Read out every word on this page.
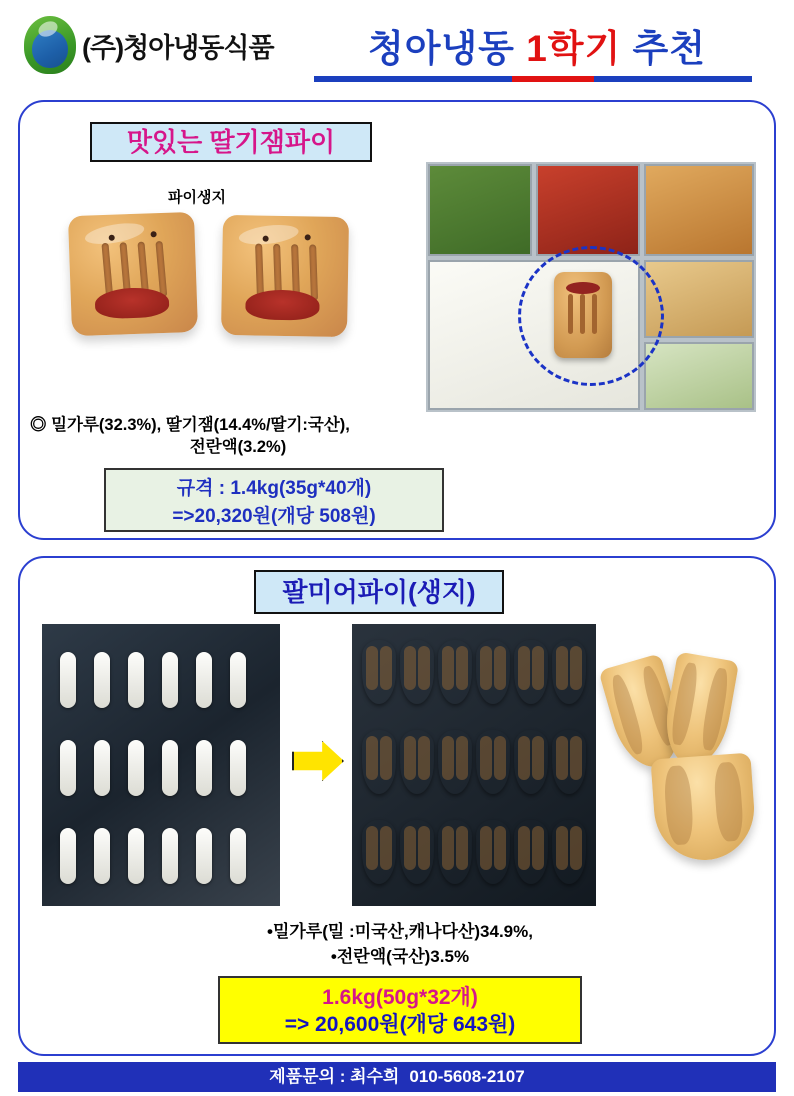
(주)청아냉동식품	청아냉동 1학기 추천
맛있는 딸기잼파이
파이생지
◎ 밀가루(32.3%), 딸기잼(14.4%/딸기:국산),
전란액(3.2%)
규격 : 1.4kg(35g*40개)
=>20,320원(개당 508원)
팔미어파이(생지)
•밀가루(밀 :미국산,캐나다산)34.9%,
•전란액(국산)3.5%
1.6kg(50g*32개)
=> 20,600원(개당 643원)
제품문의 : 최수희 010-5608-2107
